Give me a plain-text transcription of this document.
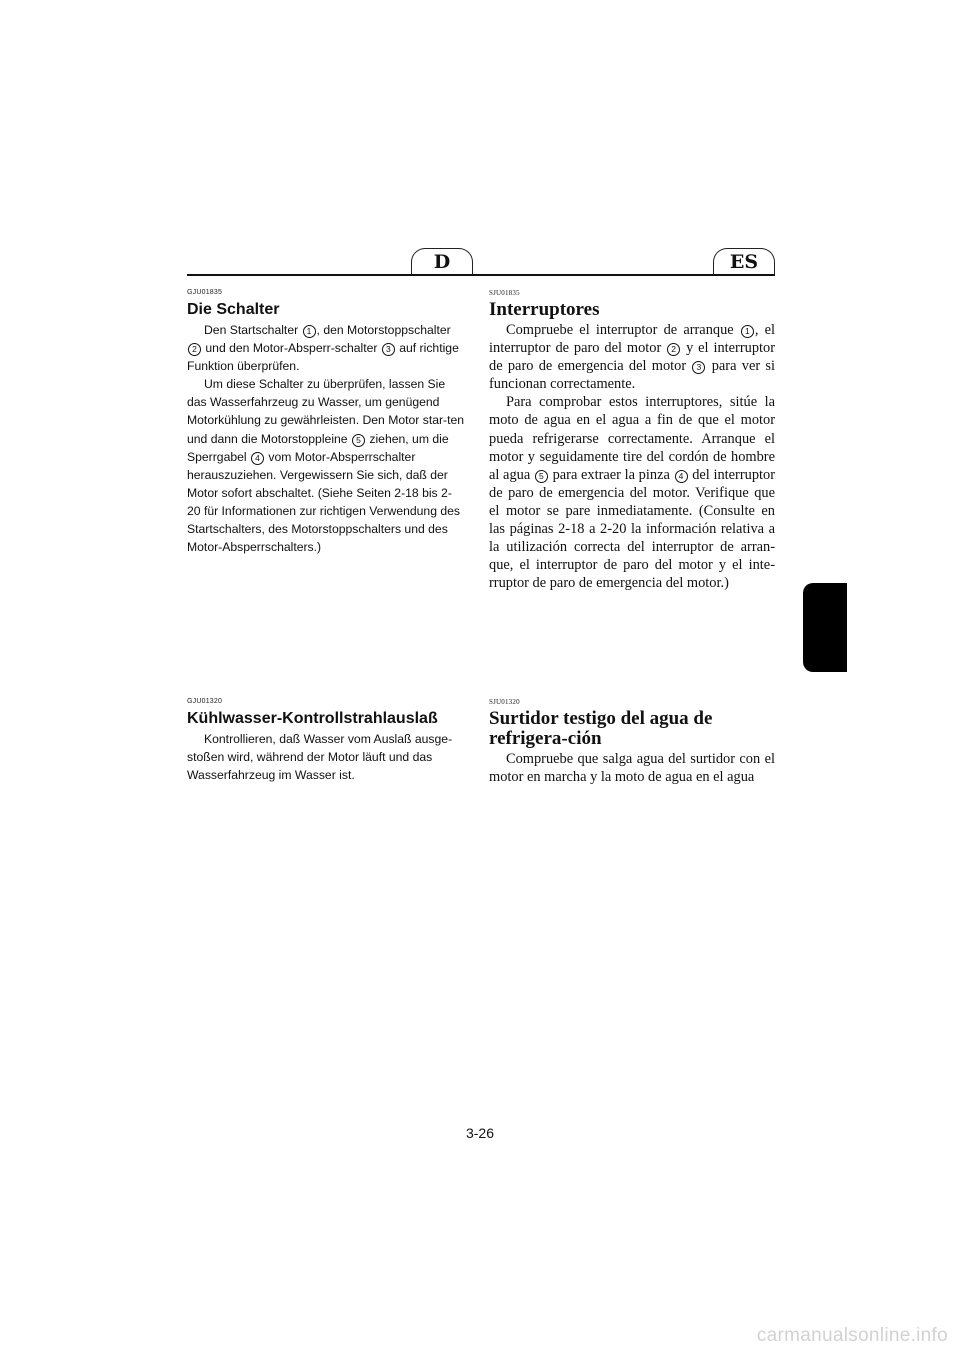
D	ES
GJU01835
Die Schalter

Den Startschalter 1 , den Motorstoppschalter 2 und den Motor-Absperr-schalter 3 auf richtige Funktion überprüfen.

Um diese Schalter zu überprüfen, lassen Sie das Wasserfahrzeug zu Wasser, um genügend Motorkühlung zu gewährleisten. Den Motor star-ten und dann die Motorstoppleine 5 ziehen, um die Sperrgabel 4 vom Motor-Absperrschalter herauszuziehen. Vergewissern Sie sich, daß der Motor sofort abschaltet. (Siehe Seiten 2-18 bis 2-20 für Informationen zur richtigen Verwendung des Startschalters, des Motorstoppschalters und des Motor-Absperrschalters.)

SJU01835
Interruptores

Compruebe el interruptor de arranque 1 , el interruptor de paro del motor 2 y el interruptor de paro de emergencia del motor 3 para ver si funcionan correctamente.

Para comprobar estos interruptores, sitúe la moto de agua en el agua a fin de que el motor pueda refrigerarse correctamente. Arranque el motor y seguidamente tire del cordón de hombre al agua 5 para extraer la pinza 4 del interruptor de paro de emergencia del motor. Verifique que el motor se pare inmediatamente. (Consulte en las páginas 2-18 a 2-20 la información relativa a la utilización correcta del interruptor de arran-que, el interruptor de paro del motor y el inte-rruptor de paro de emergencia del motor.)

GJU01320
Kühlwasser-Kontrollstrahlauslaß

Kontrollieren, daß Wasser vom Auslaß ausge-stoßen wird, während der Motor läuft und das Wasserfahrzeug im Wasser ist.

SJU01320
Surtidor testigo del agua de refrigera-ción

Compruebe que salga agua del surtidor con el motor en marcha y la moto de agua en el agua

3-26
carmanualsonline.info
